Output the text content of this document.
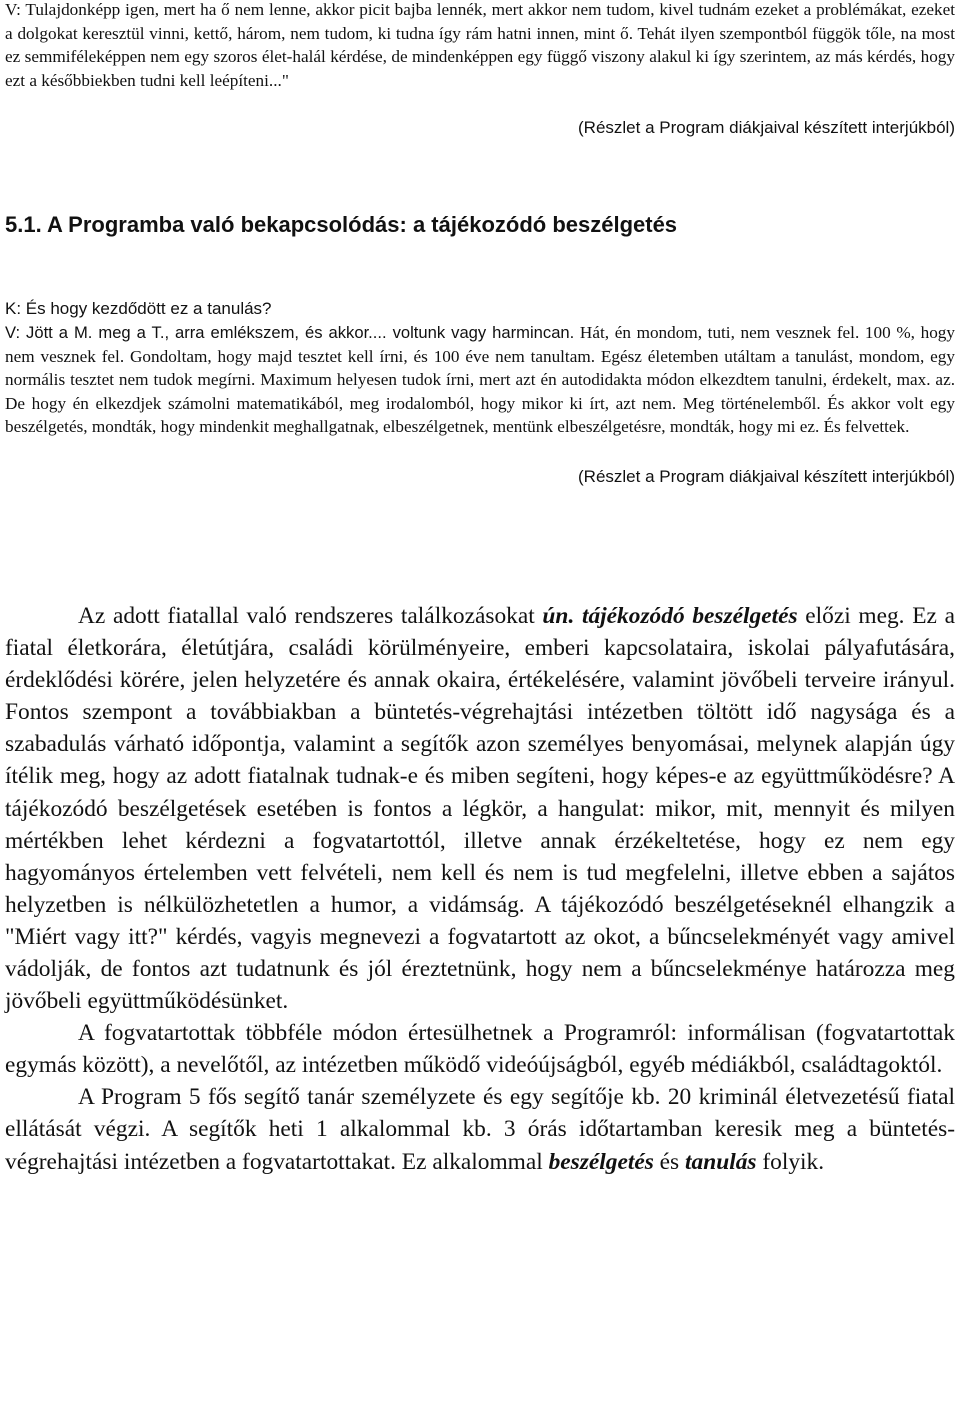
V: Tulajdonképp igen, mert ha ő nem lenne, akkor picit bajba lennék, mert akkor nem tudom, kivel tudnám ezeket a problémákat, ezeket a dolgokat keresztül vinni, kettő, három, nem tudom, ki tudna így rám hatni innen, mint ő. Tehát ilyen szempontból függök tőle, na most ez semmiféleképpen nem egy szoros élet-halál kérdése, de mindenképpen egy függő viszony alakul ki így szerintem, az más kérdés, hogy ezt a későbbiekben tudni kell leépíteni..."

(Részlet a Program diákjaival készített interjúkból)

5.1. A Programba való bekapcsolódás: a tájékozódó beszélgetés

K: És hogy kezdődött ez a tanulás?

V: Jött a M. meg a T., arra emlékszem, és akkor.... voltunk vagy harmincan. Hát, én mondom, tuti, nem vesznek fel. 100 %, hogy nem vesznek fel. Gondoltam, hogy majd tesztet kell írni, és 100 éve nem tanultam. Egész életemben utáltam a tanulást, mondom, egy normális tesztet nem tudok megírni. Maximum helyesen tudok írni, mert azt én autodidakta módon elkezdtem tanulni, érdekelt, max. az. De hogy én elkezdjek számolni matematikából, meg irodalomból, hogy mikor ki írt, azt nem. Meg történelemből. És akkor volt egy beszélgetés, mondták, hogy mindenkit meghallgatnak, elbeszélgetnek, mentünk elbeszélgetésre, mondták, hogy mi ez. És felvettek.

(Részlet a Program diákjaival készített interjúkból)

Az adott fiatallal való rendszeres találkozásokat ún. tájékozódó beszélgetés előzi meg. Ez a fiatal életkorára, életútjára, családi körülményeire, emberi kapcsolataira, iskolai pályafutására, érdeklődési körére, jelen helyzetére és annak okaira, értékelésére, valamint jövőbeli terveire irányul. Fontos szempont a továbbiakban a büntetés-végrehajtási intézetben töltött idő nagysága és a szabadulás várható időpontja, valamint a segítők azon személyes benyomásai, melynek alapján úgy ítélik meg, hogy az adott fiatalnak tudnak-e és miben segíteni, hogy képes-e az együttműködésre? A tájékozódó beszélgetések esetében is fontos a légkör, a hangulat: mikor, mit, mennyit és milyen mértékben lehet kérdezni a fogvatartottól, illetve annak érzékeltetése, hogy ez nem egy hagyományos értelemben vett felvételi, nem kell és nem is tud megfelelni, illetve ebben a sajátos helyzetben is nélkülözhetetlen a humor, a vidámság. A tájékozódó beszélgetéseknél elhangzik a "Miért vagy itt?" kérdés, vagyis megnevezi a fogvatartott az okot, a bűncselekményét vagy amivel vádolják, de fontos azt tudatnunk és jól éreztetnünk, hogy nem a bűncselekménye határozza meg jövőbeli együttműködésünket.

A fogvatartottak többféle módon értesülhetnek a Programról: informálisan (fogvatartottak egymás között), a nevelőtől, az intézetben működő videóújságból, egyéb médiákból, családtagoktól.

A Program 5 fős segítő tanár személyzete és egy segítője kb. 20 kriminál életvezetésű fiatal ellátását végzi. A segítők heti 1 alkalommal kb. 3 órás időtartamban keresik meg a büntetés-végrehajtási intézetben a fogvatartottakat. Ez alkalommal beszélgetés és tanulás folyik.
